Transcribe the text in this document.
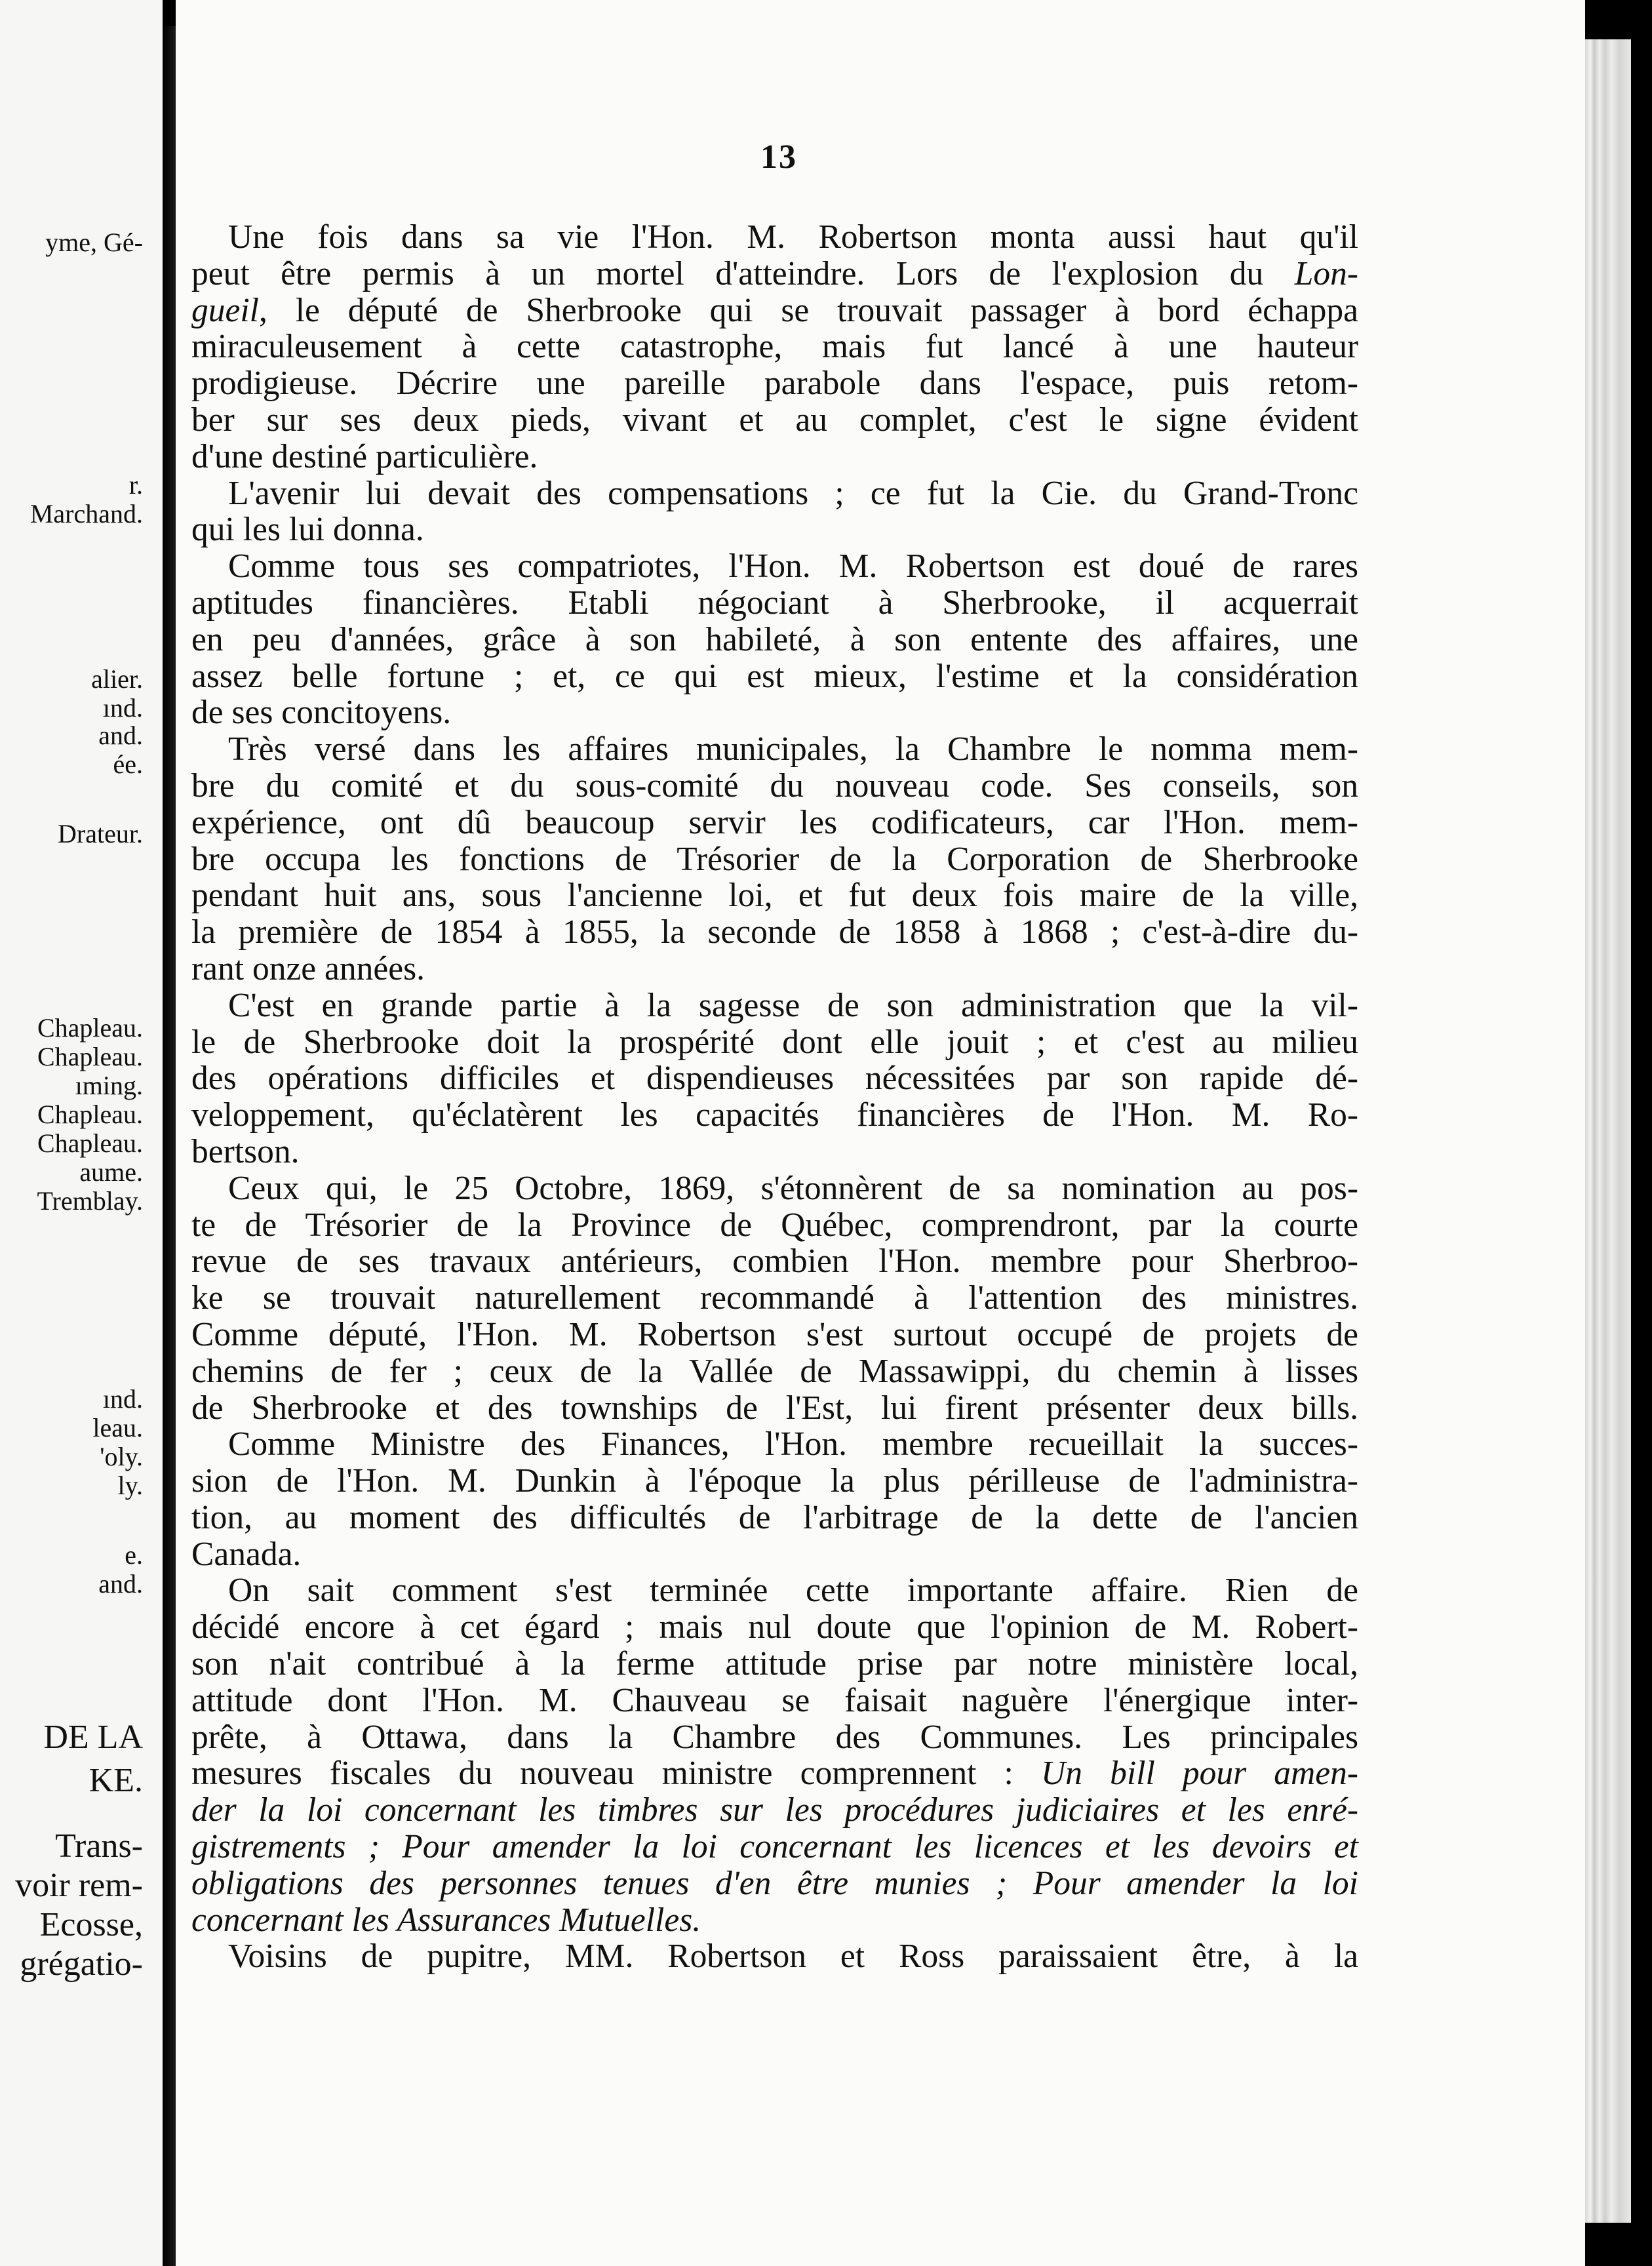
yme, Gé-
r.
Marchand.
alier.
ınd.
and.
ée.
Drateur.
Chapleau.
Chapleau.
ıming.
Chapleau.
Chapleau.
aume.
Tremblay.
ınd.
leau.
'oly.
ly.
e.
and.
DE LA
KE.
Trans-
voir rem-
Ecosse,
grégatio-
13
Une fois dans sa vie l'Hon. M. Robertson monta aussi haut qu'il
peut être permis à un mortel d'atteindre. Lors de l'explosion du Lon-
gueil, le député de Sherbrooke qui se trouvait passager à bord échappa
miraculeusement à cette catastrophe, mais fut lancé à une hauteur
prodigieuse. Décrire une pareille parabole dans l'espace, puis retom-
ber sur ses deux pieds, vivant et au complet, c'est le signe évident
d'une destiné particulière.
L'avenir lui devait des compensations ; ce fut la Cie. du Grand-Tronc
qui les lui donna.
Comme tous ses compatriotes, l'Hon. M. Robertson est doué de rares
aptitudes financières. Etabli négociant à Sherbrooke, il acquerrait
en peu d'années, grâce à son habileté, à son entente des affaires, une
assez belle fortune ; et, ce qui est mieux, l'estime et la considération
de ses concitoyens.
Très versé dans les affaires municipales, la Chambre le nomma mem-
bre du comité et du sous-comité du nouveau code. Ses conseils, son
expérience, ont dû beaucoup servir les codificateurs, car l'Hon. mem-
bre occupa les fonctions de Trésorier de la Corporation de Sherbrooke
pendant huit ans, sous l'ancienne loi, et fut deux fois maire de la ville,
la première de 1854 à 1855, la seconde de 1858 à 1868 ; c'est-à-dire du-
rant onze années.
C'est en grande partie à la sagesse de son administration que la vil-
le de Sherbrooke doit la prospérité dont elle jouit ; et c'est au milieu
des opérations difficiles et dispendieuses nécessitées par son rapide dé-
veloppement, qu'éclatèrent les capacités financières de l'Hon. M. Ro-
bertson.
Ceux qui, le 25 Octobre, 1869, s'étonnèrent de sa nomination au pos-
te de Trésorier de la Province de Québec, comprendront, par la courte
revue de ses travaux antérieurs, combien l'Hon. membre pour Sherbroo-
ke se trouvait naturellement recommandé à l'attention des ministres.
Comme député, l'Hon. M. Robertson s'est surtout occupé de projets de
chemins de fer ; ceux de la Vallée de Massawippi, du chemin à lisses
de Sherbrooke et des townships de l'Est, lui firent présenter deux bills.
Comme Ministre des Finances, l'Hon. membre recueillait la succes-
sion de l'Hon. M. Dunkin à l'époque la plus périlleuse de l'administra-
tion, au moment des difficultés de l'arbitrage de la dette de l'ancien
Canada.
On sait comment s'est terminée cette importante affaire. Rien de
décidé encore à cet égard ; mais nul doute que l'opinion de M. Robert-
son n'ait contribué à la ferme attitude prise par notre ministère local,
attitude dont l'Hon. M. Chauveau se faisait naguère l'énergique inter-
prête, à Ottawa, dans la Chambre des Communes. Les principales
mesures fiscales du nouveau ministre comprennent : Un bill pour amen-
der la loi concernant les timbres sur les procédures judiciaires et les enré-
gistrements ; Pour amender la loi concernant les licences et les devoirs et
obligations des personnes tenues d'en être munies ; Pour amender la loi
concernant les Assurances Mutuelles.
Voisins de pupitre, MM. Robertson et Ross paraissaient être, à la
